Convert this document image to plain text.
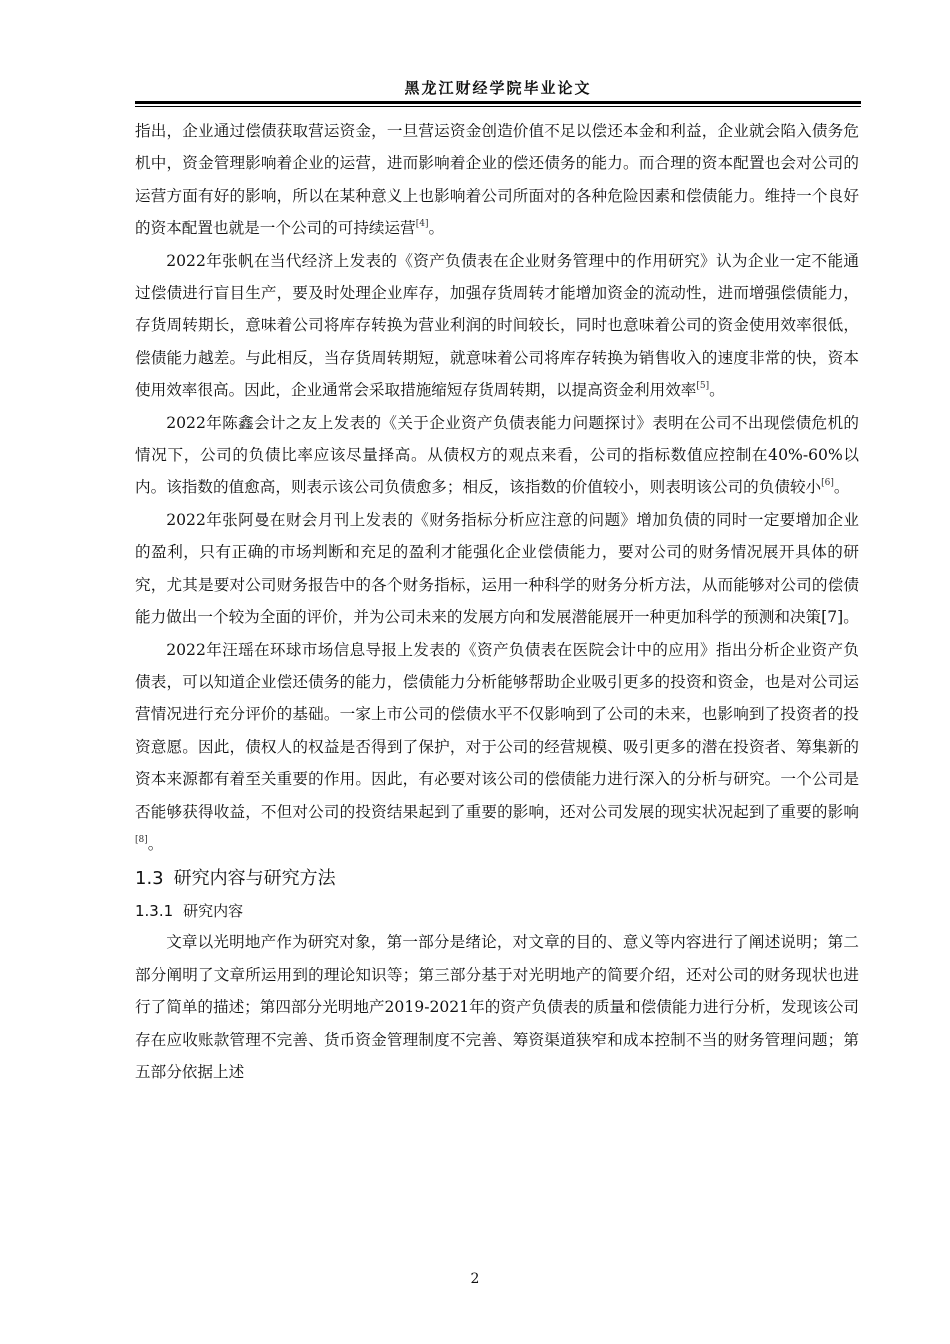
黑龙江财经学院毕业论文

指出，企业通过偿债获取营运资金，一旦营运资金创造价值不足以偿还本金和利益，企业就会陷入债务危机中，资金管理影响着企业的运营，进而影响着企业的偿还债务的能力。而合理的资本配置也会对公司的运营方面有好的影响，所以在某种意义上也影响着公司所面对的各种危险因素和偿债能力。维持一个良好的资本配置也就是一个公司的可持续运营[4]。

2022年张帆在当代经济上发表的《资产负债表在企业财务管理中的作用研究》认为企业一定不能通过偿债进行盲目生产，要及时处理企业库存，加强存货周转才能增加资金的流动性，进而增强偿债能力，存货周转期长，意味着公司将库存转换为营业利润的时间较长，同时也意味着公司的资金使用效率很低，偿债能力越差。与此相反，当存货周转期短，就意味着公司将库存转换为销售收入的速度非常的快，资本使用效率很高。因此，企业通常会采取措施缩短存货周转期，以提高资金利用效率[5]。

2022年陈鑫会计之友上发表的《关于企业资产负债表能力问题探讨》表明在公司不出现偿债危机的情况下，公司的负债比率应该尽量择高。从债权方的观点来看，公司的指标数值应控制在40%-60%以内。该指数的值愈高，则表示该公司负债愈多；相反，该指数的价值较小，则表明该公司的负债较小[6]。

2022年张阿曼在财会月刊上发表的《财务指标分析应注意的问题》增加负债的同时一定要增加企业的盈利，只有正确的市场判断和充足的盈利才能强化企业偿债能力，要对公司的财务情况展开具体的研究，尤其是要对公司财务报告中的各个财务指标，运用一种科学的财务分析方法，从而能够对公司的偿债能力做出一个较为全面的评价，并为公司未来的发展方向和发展潜能展开一种更加科学的预测和决策[7]。

2022年汪瑶在环球市场信息导报上发表的《资产负债表在医院会计中的应用》指出分析企业资产负债表，可以知道企业偿还债务的能力，偿债能力分析能够帮助企业吸引更多的投资和资金，也是对公司运营情况进行充分评价的基础。一家上市公司的偿债水平不仅影响到了公司的未来，也影响到了投资者的投资意愿。因此，债权人的权益是否得到了保护，对于公司的经营规模、吸引更多的潜在投资者、筹集新的资本来源都有着至关重要的作用。因此，有必要对该公司的偿债能力进行深入的分析与研究。一个公司是否能够获得收益，不但对公司的投资结果起到了重要的影响，还对公司发展的现实状况起到了重要的影响[8]。

1.3 研究内容与研究方法
1.3.1 研究内容

文章以光明地产作为研究对象，第一部分是绪论，对文章的目的、意义等内容进行了阐述说明；第二部分阐明了文章所运用到的理论知识等；第三部分基于对光明地产的简要介绍，还对公司的财务现状也进行了简单的描述；第四部分光明地产2019-2021年的资产负债表的质量和偿债能力进行分析，发现该公司存在应收账款管理不完善、货币资金管理制度不完善、筹资渠道狭窄和成本控制不当的财务管理问题；第五部分依据上述

2
